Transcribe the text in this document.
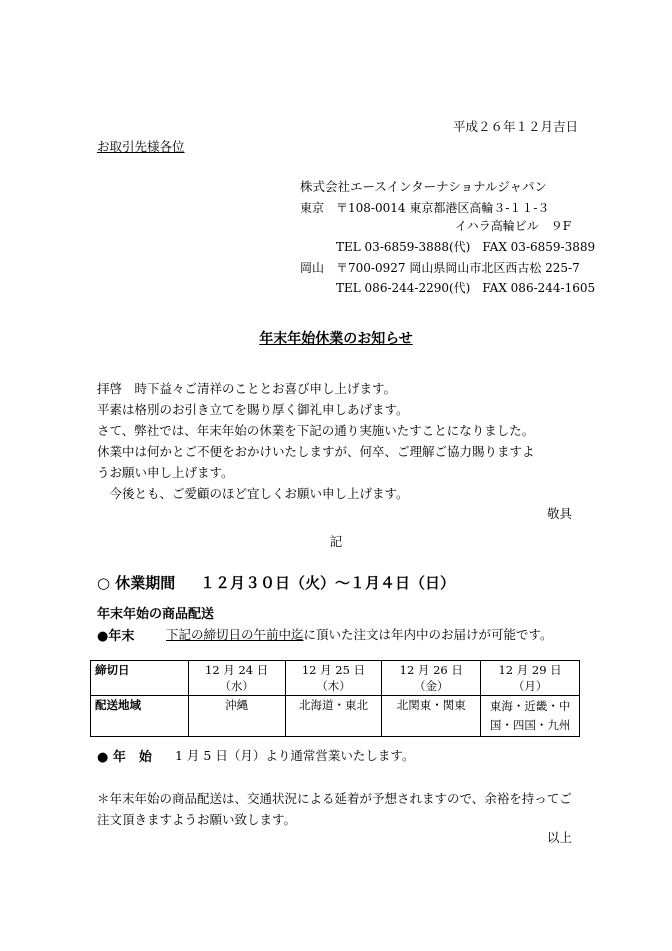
平成２６年１２月吉日
お取引先様各位
株式会社エースインターナショナルジャパン
東京 〒108-0014 東京都港区高輪３-１１-３
イハラ高輪ビル　９F
TEL 03-6859-3888(代)　FAX 03-6859-3889
岡山 〒700-0927 岡山県岡山市北区西古松 225-7
TEL 086-244-2290(代)　FAX 086-244-1605
年末年始休業のお知らせ
拝啓　時下益々ご清祥のこととお喜び申し上げます。
平素は格別のお引き立てを賜り厚く御礼申しあげます。
さて、弊社では、年末年始の休業を下記の通り実施いたすことになりました。
休業中は何かとご不便をおかけいたしますが、何卒、ご理解ご協力賜りますよ
うお願い申し上げます。
　今後とも、ご愛顧のほど宜しくお願い申し上げます。
敬具
記
○ 休業期間 １２月３０日（火）～１月４日（日）
年末年始の商品配送
●年末	下記の締切日の午前中迄に頂いた注文は年内中のお届けが可能です。
締切日	12 月 24 日（水）	12 月 25 日（木）	12 月 26 日（金）	12 月 29 日（月）
配送地域	沖縄	北海道・東北	北関東・関東	東海・近畿・中国・四国・九州
● 年　始 1 月 5 日（月）より通常営業いたします。
＊年末年始の商品配送は、交通状況による延着が予想されますので、余裕を持ってご注文頂きますようお願い致します。
以上
